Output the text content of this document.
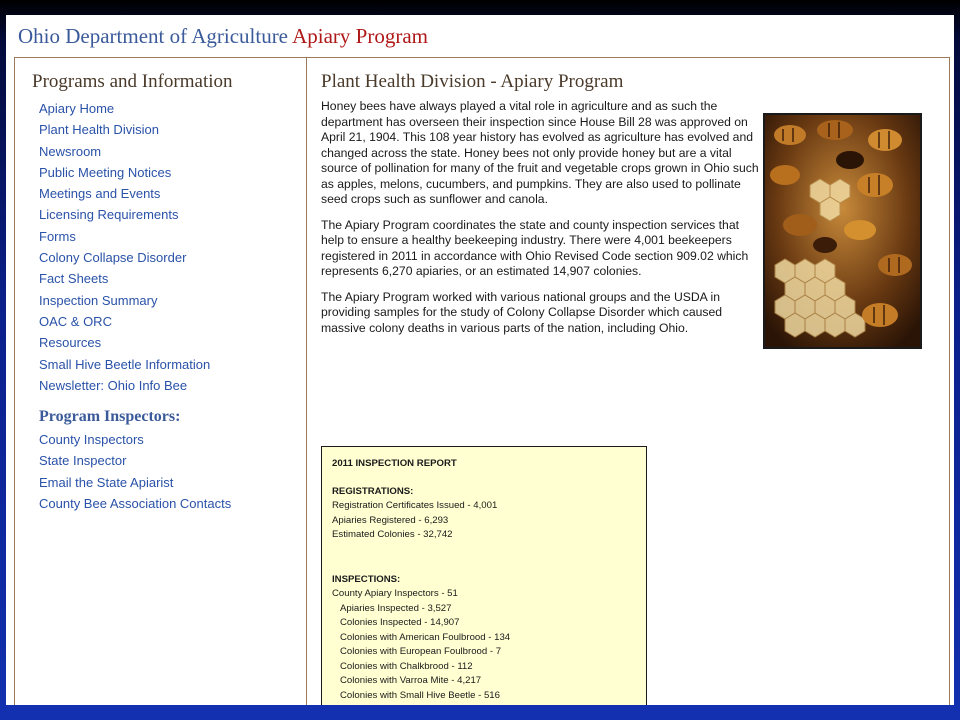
Ohio Department of Agriculture Apiary Program
Programs and Information
Apiary Home
Plant Health Division
Newsroom
Public Meeting Notices
Meetings and Events
Licensing Requirements
Forms
Colony Collapse Disorder
Fact Sheets
Inspection Summary
OAC & ORC
Resources
Small Hive Beetle Information
Newsletter: Ohio Info Bee
Program Inspectors:
County Inspectors
State Inspector
Email the State Apiarist
County Bee Association Contacts
Plant Health Division - Apiary Program

Honey bees have always played a vital role in agriculture and as such the department has overseen their inspection since House Bill 28 was approved on April 21, 1904. This 108 year history has evolved as agriculture has evolved and changed across the state. Honey bees not only provide honey but are a vital source of pollination for many of the fruit and vegetable crops grown in Ohio such as apples, melons, cucumbers, and pumpkins. They are also used to pollinate seed crops such as sunflower and canola.

The Apiary Program coordinates the state and county inspection services that help to ensure a healthy beekeeping industry. There were 4,001 beekeepers registered in 2011 in accordance with Ohio Revised Code section 909.02 which represents 6,270 apiaries, or an estimated 14,907 colonies.

The Apiary Program worked with various national groups and the USDA in providing samples for the study of Colony Collapse Disorder which caused massive colony deaths in various parts of the nation, including Ohio.

2011 INSPECTION REPORT
REGISTRATIONS:
Registration Certificates Issued - 4,001
Apiaries Registered - 6,293
Estimated Colonies - 32,742
INSPECTIONS:
County Apiary Inspectors - 51
Apiaries Inspected - 3,527
Colonies Inspected - 14,907
Colonies with American Foulbrood - 134
Colonies with European Foulbrood - 7
Colonies with Chalkbrood - 112
Colonies with Varroa Mite - 4,217
Colonies with Small Hive Beetle - 516
